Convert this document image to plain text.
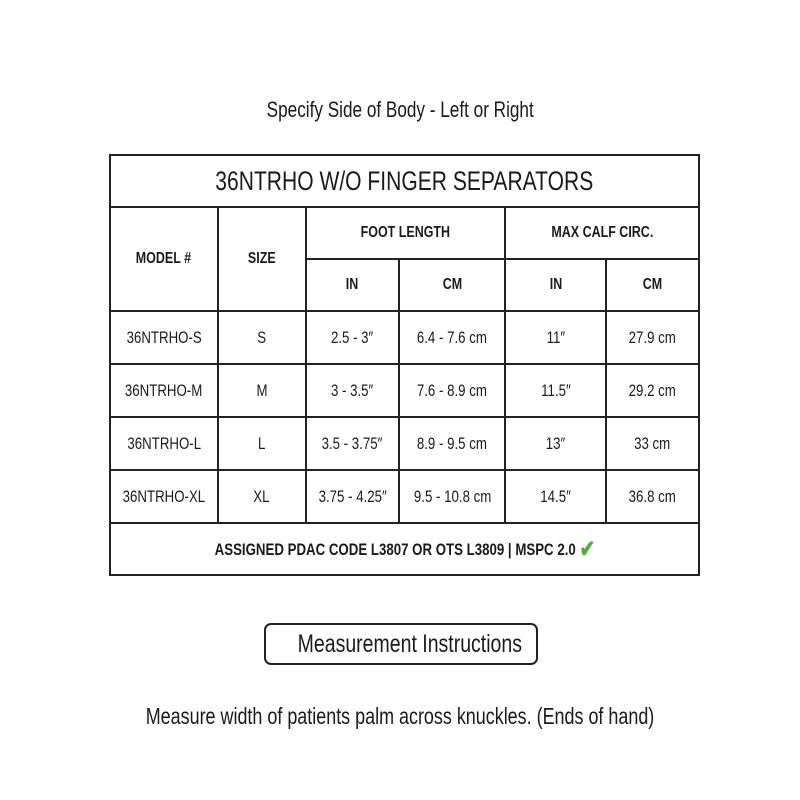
Specify Side of Body - Left or Right
36NTRHO W/O FINGER SEPARATORS					
MODEL #	SIZE	FOOT LENGTH		MAX CALF CIRC.	
		IN	CM	IN	CM
36NTRHO-S	S	2.5 - 3″	6.4 - 7.6 cm	11″	27.9 cm
36NTRHO-M	M	3 - 3.5″	7.6 - 8.9 cm	11.5″	29.2 cm
36NTRHO-L	L	3.5 - 3.75″	8.9 - 9.5 cm	13″	33 cm
36NTRHO-XL	XL	3.75 - 4.25″	9.5 - 10.8 cm	14.5″	36.8 cm
ASSIGNED PDAC CODE L3807 OR OTS L3809 | MSPC 2.0 ✔					
Measurement Instructions
Measure width of patients palm across knuckles. (Ends of hand)
